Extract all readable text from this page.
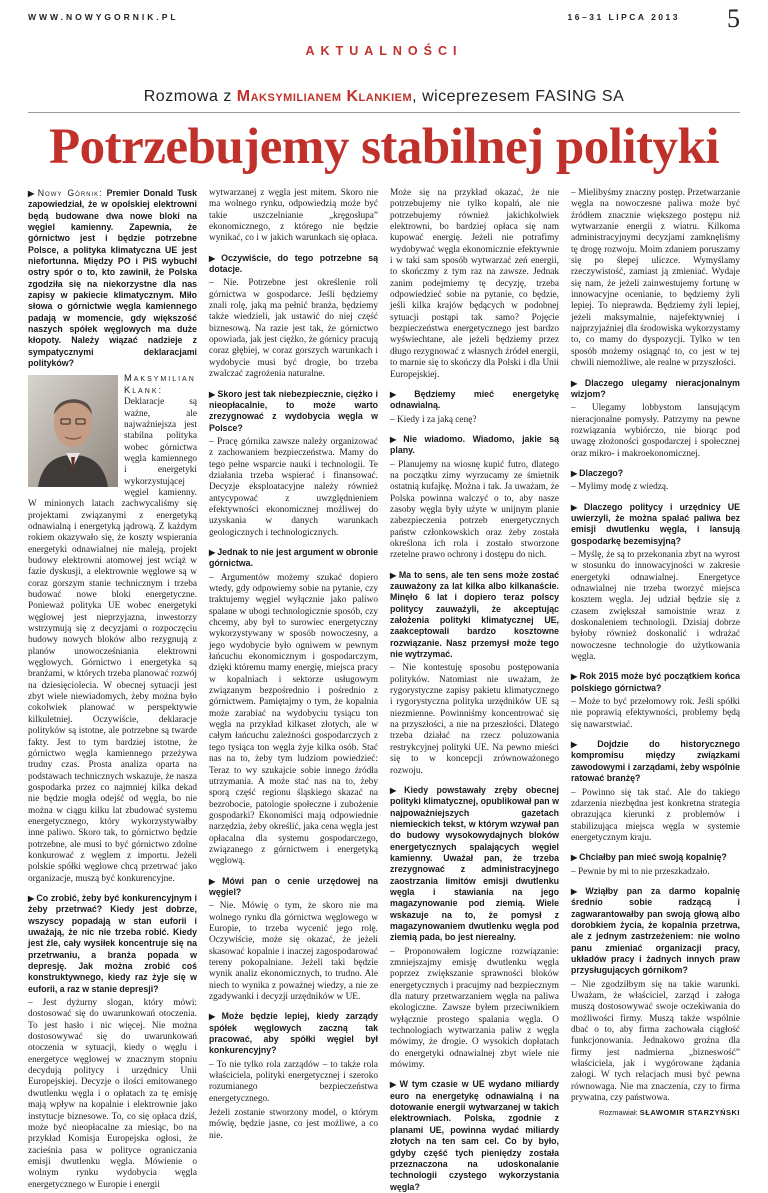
WWW.NOWYGORNIK.PL	16–31 LIPCA 2013 5
AKTUALNOŚCI
Rozmowa z Maksymilianem Klankiem, wiceprezesem FASING SA
Potrzebujemy stabilnej polityki

▶ Nowy Górnik: Premier Donald Tusk zapowiedział, że w opolskiej elektrowni będą budowane dwa nowe bloki na węgiel kamienny. Zapewnia, że górnictwo jest i będzie potrzebne Polsce, a polityka klimatyczna UE jest niefortunna. Między PO i PiS wybuchł ostry spór o to, kto zawinił, że Polska zgodziła się na niekorzystne dla nas zapisy w pakiecie klimatycznym. Miło słowa o górnictwie węgla kamiennego padają w momencie, gdy większość naszych spółek węglowych ma duże kłopoty. Należy wiązać nadzieje z sympatycznymi deklaracjami polityków?

Maksymilian Klank: Deklaracje są ważne, ale najważniejsza jest stabilna polityka wobec górnictwa węgla kamiennego i energetyki wykorzystującej węgiel kamienny. W minionych latach zachwycaliśmy się projektami związanymi z energetyką odnawialną i energetyką jądrową. Z każdym rokiem okazywało się, że koszty wspierania energetyki odnawialnej nie maleją, projekt budowy elektrowni atomowej jest wciąż w fazie dyskusji, a elektrownie węglowe są w coraz gorszym stanie technicznym i trzeba budować nowe bloki energetyczne. Ponieważ polityka UE wobec energetyki węglowej jest nieprzyjazna, inwestorzy wstrzymują się z decyzjami o rozpoczęciu budowy nowych bloków albo rezygnują z planów unowocześniania elektrowni węglowych. Górnictwo i energetyka są branżami, w których trzeba planować rozwój na dziesięciolecia. W obecnej sytuacji jest zbyt wiele niewiadomych, żeby można było cokolwiek planować w perspektywie kilkuletniej. Oczywiście, deklaracje polityków są istotne, ale potrzebne są twarde fakty. Jest to tym bardziej istotne, że górnictwo węgla kamiennego przeżywa trudny czas. Prosta analiza oparta na podstawach technicznych wskazuje, że nasza gospodarka przez co najmniej kilka dekad nie będzie mogła odejść od węgla, bo nie można w ciągu kilku lat zbudować systemu energetycznego, który wykorzystywałby inne paliwo. Skoro tak, to górnictwo będzie potrzebne, ale musi to być górnictwo zdolne konkurować z węglem z importu. Jeżeli polskie spółki węglowe chcą przetrwać jako organizacje, muszą być konkurencyjne.

▶ Co zrobić, żeby być konkurencyjnym i żeby przetrwać? Kiedy jest dobrze, wszyscy popadają w stan euforii i uważają, że nic nie trzeba robić. Kiedy jest źle, cały wysiłek koncentruje się na przetrwaniu, a branża popada w depresję. Jak można zrobić coś konstruktywnego, kiedy raz żyje się w euforii, a raz w stanie depresji?

– Jest dyżurny slogan, który mówi: dostosować się do uwarunkowań otoczenia. To jest hasło i nic więcej. Nie można dostosowywać się do uwarunkowań otoczenia w sytuacji, kiedy o węglu i energetyce węglowej w znacznym stopniu decydują politycy i urzędnicy Unii Europejskiej. Decyzje o ilości emitowanego dwutlenku węgla i o opłatach za tę emisję mają wpływ na kopalnie i elektrownie jako instytucje biznesowe. To, co się opłaca dziś, może być nieopłacalne za miesiąc, bo na przykład Komisja Europejska ogłosi, że zacieśnia pasa w polityce ograniczania emisji dwutlenku węgla. Mówienie o wolnym rynku wydobycia węgla energetycznego w Europie i energii

wytwarzanej z węgla jest mitem. Skoro nie ma wolnego rynku, odpowiedzią może być takie uszczelnianie „kręgosłupa” ekonomicznego, z którego nie będzie wynikać, co i w jakich warunkach się opłaca.

▶ Oczywiście, do tego potrzebne są dotacje.

– Nie. Potrzebne jest określenie roli górnictwa w gospodarce. Jeśli będziemy znali rolę, jaką ma pełnić branża, będziemy także wiedzieli, jak ustawić do niej część biznesową. Na razie jest tak, że górnictwo opowiada, jak jest ciężko, że górnicy pracują coraz głębiej, w coraz gorszych warunkach i wydobycie musi być drogie, bo trzeba zwalczać zagrożenia naturalne.

▶ Skoro jest tak niebezpiecznie, ciężko i nieopłacalnie, to może warto zrezygnować z wydobycia węgla w Polsce?

– Pracę górnika zawsze należy organizować z zachowaniem bezpieczeństwa. Mamy do tego pełne wsparcie nauki i technologii. Te działania trzeba wspierać i finansować. Decyzje eksploatacyjne należy również antycypować z uwzględnieniem efektywności ekonomicznej możliwej do uzyskania w danych warunkach geologicznych i technologicznych.

▶ Jednak to nie jest argument w obronie górnictwa.

– Argumentów możemy szukać dopiero wtedy, gdy odpowiemy sobie na pytanie, czy traktujemy węgiel wyłącznie jako paliwo spalane w ubogi technologicznie sposób, czy chcemy, aby był to surowiec energetyczny wykorzystywany w sposób nowoczesny, a jego wydobycie było ogniwem w pewnym łańcuchu ekonomicznym i gospodarczym, dzięki któremu mamy energię, miejsca pracy w kopalniach i sektorze usługowym związanym bezpośrednio i pośrednio z górnictwem. Pamiętajmy o tym, że kopalnia może zarabiać na wydobyciu tysiącu ton węgla na przykład kilkaset złotych, ale w całym łańcuchu zależności gospodarczych z tego tysiąca ton węgla żyje kilka osób. Stać nas na to, żeby tym ludziom powiedzieć: Teraz to wy szukajcie sobie innego źródła utrzymania. A może stać nas na to, żeby sporą część regionu śląskiego skazać na bezrobocie, patologie społeczne i zubożenie gospodarki? Ekonomiści mają odpowiednie narzędzia, żeby określić, jaka cena węgla jest opłacalna dla systemu gospodarczego, związanego z górnictwem i energetyką węglową.

▶ Mówi pan o cenie urzędowej na węgiel?

– Nie. Mówię o tym, że skoro nie ma wolnego rynku dla górnictwa węglowego w Europie, to trzeba wycenić jego rolę. Oczywiście, może się okazać, że jeżeli skasować kopalnie i inaczej zagospodarować tereny pokopalniane. Jeżeli taki będzie wynik analiz ekonomicznych, to trudno. Ale niech to wynika z poważnej wiedzy, a nie ze zgadywanki i decyzji urzędników w UE.

▶ Może będzie lepiej, kiedy zarządy spółek węglowych zaczną tak pracować, aby spółki węgiel był konkurencyjny?

– To nie tylko rola zarządów – to także rola właściciela, polityki energetycznej i szeroko rozumianego bezpieczeństwa energetycznego.

Jeżeli zostanie stworzony model, o którym mówię, będzie jasne, co jest możliwe, a co nie.

Może się na przykład okazać, że nie potrzebujemy nie tylko kopalń, ale nie potrzebujemy również jakichkolwiek elektrowni, bo bardziej opłaca się nam kupować energię. Jeżeli nie potrafimy wydobywać węgla ekonomicznie efektywnie i w taki sam sposób wytwarzać zeń energii, to skończmy z tym raz na zawsze. Jednak zanim podejmiemy tę decyzję, trzeba odpowiedzieć sobie na pytanie, co będzie, jeśli kilka krajów będących w podobnej sytuacji postąpi tak samo? Pojęcie bezpieczeństwa energetycznego jest bardzo wyświechtane, ale jeżeli będziemy przez długo rezygnować z własnych źródeł energii, to marnie się to skończy dla Polski i dla Unii Europejskiej.

▶ Będziemy mieć energetykę odnawialną.

– Kiedy i za jaką cenę?

▶ Nie wiadomo. Wiadomo, jakie są plany.

– Planujemy na wiosnę kupić futro, dlatego na początku zimy wyrzucamy ze śmietnik ostatnią kufajkę. Można i tak. Ja uważam, że Polska powinna walczyć o to, aby nasze zasoby węgla były użyte w unijnym planie zabezpieczenia potrzeb energetycznych państw członkowskich oraz żeby została określona ich rola i zostało stworzone rzetelne prawo ochrony i dostępu do nich.

▶ Ma to sens, ale ten sens może zostać zauważony za lat kilka albo kilkanaście. Minęło 6 lat i dopiero teraz polscy politycy zauważyli, że akceptując założenia polityki klimatycznej UE, zaakceptowali bardzo kosztowne rozwiązanie. Nasz przemysł może tego nie wytrzymać.

– Nie kontestuję sposobu postępowania polityków. Natomiast nie uważam, że rygorystyczne zapisy pakietu klimatycznego i rygorystyczna polityka urzędników UE są niezmienne. Powinniśmy koncentrować się na przyszłości, a nie na przeszłości. Dlatego trzeba działać na rzecz poluzowania restrykcyjnej polityki UE. Na pewno mieści się to w koncepcji zrównoważonego rozwoju.

▶ Kiedy powstawały zręby obecnej polityki klimatycznej, opublikował pan w najpoważniejszych gazetach niemieckich tekst, w którym wzywał pan do budowy wysokowydajnych bloków energetycznych spalających węgiel kamienny. Uważał pan, że trzeba zrezygnować z administracyjnego zaostrzania limitów emisji dwutlenku węgla i stawiania na jego magazynowanie pod ziemią. Wiele wskazuje na to, że pomysł z magazynowaniem dwutlenku węgla pod ziemią pada, bo jest nierealny.

– Proponowałem logiczne rozwiązanie: zmniejszajmy emisję dwutlenku węgla poprzez zwiększanie sprawności bloków energetycznych i pracujmy nad bezpiecznym dla natury przetwarzaniem węgla na paliwa ekologiczne. Zawsze byłem przeciwnikiem wyłącznie prostego spalania węgla. O technologiach wytwarzania paliw z węgla mówimy, że drogie. O wysokich dopłatach do energetyki odnawialnej zbyt wiele nie mówimy.

▶ W tym czasie w UE wydano miliardy euro na energetykę odnawialną i na dotowanie energii wytwarzanej w takich elektrowniach. Polska, zgodnie z planami UE, powinna wydać miliardy złotych na ten sam cel. Co by było, gdyby część tych pieniędzy została przeznaczona na udoskonalanie technologii czystego wykorzystania węgla?

– Mielibyśmy znaczny postęp. Przetwarzanie węgla na nowoczesne paliwa może być źródłem znacznie większego postępu niż wytwarzanie energii z wiatru. Kilkoma administracyjnymi decyzjami zamknęliśmy tę drogę rozwoju. Moim zdaniem poruszamy się po ślepej uliczce. Wymyślamy rzeczywistość, zamiast ją zmieniać. Wydaje się nam, że jeżeli zainwestujemy fortunę w innowacyjne ocenianie, to będziemy żyli lepiej. To nieprawda. Będziemy żyli lepiej, jeżeli maksymalnie, najefektywniej i najprzyjaźniej dla środowiska wykorzystamy to, co mamy do dyspozycji. Tylko w ten sposób możemy osiągnąć to, co jest w tej chwili niemożliwe, ale realne w przyszłości.

▶ Dlaczego ulegamy nieracjonalnym wizjom?

– Ulegamy lobbystom lansującym nieracjonalne pomysły. Patrzymy na pewne rozwiązania wybiórczo, nie biorąc pod uwagę złożoności gospodarczej i społecznej oraz mikro- i makroekonomicznej.

▶ Dlaczego?

– Mylimy modę z wiedzą.

▶ Dlaczego politycy i urzędnicy UE uwierzyli, że można spalać paliwa bez emisji dwutlenku węgla, i lansują gospodarkę bezemisyjną?

– Myślę, że są to przekonania zbyt na wyrost w stosunku do innowacyjności w zakresie energetyki odnawialnej. Energetyce odnawialnej nie trzeba tworzyć miejsca kosztem węgla. Jej udział będzie się z czasem zwiększał samoistnie wraz z doskonaleniem technologii. Dzisiaj dobrze byłoby również doskonalić i wdrażać nowoczesne technologie do użytkowania węgla.

▶ Rok 2015 może być początkiem końca polskiego górnictwa?

– Może to być przełomowy rok. Jeśli spółki nie poprawią efektywności, problemy będą się nawarstwiać.

▶ Dojdzie do historycznego kompromisu między związkami zawodowymi i zarządami, żeby wspólnie ratować branżę?

– Powinno się tak stać. Ale do takiego zdarzenia niezbędna jest konkretna strategia obrazująca kierunki z problemów i stabilizująca miejsca węgla w systemie energetycznym kraju.

▶ Chciałby pan mieć swoją kopalnię?

– Pewnie by mi to nie przeszkadzało.

▶ Wziąłby pan za darmo kopalnię średnio sobie radzącą i zagwarantowałby pan swoją głową albo dorobkiem życia, że kopalnia przetrwa, ale z jednym zastrzeżeniem: nie wolno panu zmieniać organizacji pracy, układów pracy i żadnych innych praw przysługujących górnikom?

– Nie zgodziłbym się na takie warunki. Uważam, że właściciel, zarząd i załoga muszą dostosowywać swoje oczekiwania do możliwości firmy. Muszą także wspólnie dbać o to, aby firma zachowała ciągłość funkcjonowania. Jednakowo groźna dla firmy jest nadmierna „bizneswość” właściciela, jak i wygórowane żądania załogi. W tych relacjach musi być pewna równowaga. Nie ma znaczenia, czy to firma prywatna, czy państwowa.

Rozmawiał: SŁAWOMIR STARZYŃSKI
